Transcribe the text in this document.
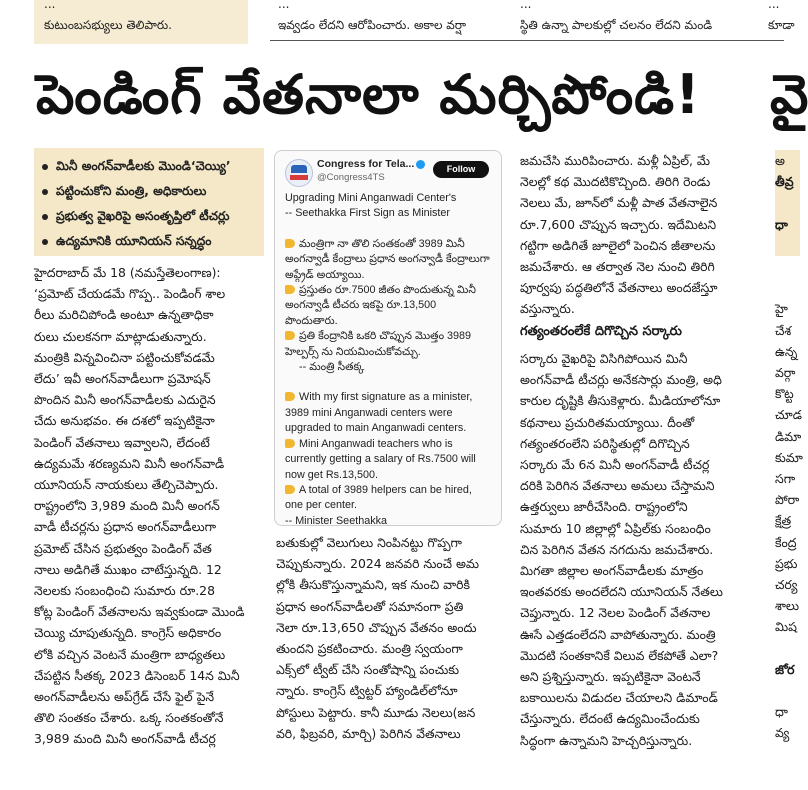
...
కుటుంబసభ్యులు తెలిపారు.
...
ఇవ్వడం లేదని ఆరోపించారు. అకాల వర్షా
...
స్థితి ఉన్నా పాలకుల్లో చలనం లేదని మండి
...
కూడా
పెండింగ్ వేతనాలా మర్చిపోండి!	వై
మినీ అంగన్‌వాడీలకు మొండి‘చెయ్యి’
పట్టించుకోని మంత్రి, అధికారులు
ప్రభుత్వ వైఖరిపై అసంతృప్తిలో టీచర్లు
ఉద్యమానికి యూనియన్ సన్నద్ధం

హైదరాబాద్ మే 18 (నమస్తేతెలంగాణ):

‘ప్రమోట్ చేయడమే గొప్ప.. పెండింగ్ శాల

రీలు మరిచిపోండి అంటూ ఉన్నతాధికా

రులు చులకనగా మాట్లాడుతున్నారు.

మంత్రికి విన్నవించినా పట్టించుకోవడమే

లేదు’ ఇవీ అంగన్‌వాడీలుగా ప్రమోషన్

పొందిన మినీ అంగన్‌వాడీలకు ఎదురైన

చేదు అనుభవం. ఈ దశలో ఇప్పటికైనా

పెండింగ్ వేతనాలు ఇవ్వాలని, లేదంటే

ఉద్యమమే శరణ్యమని మినీ అంగన్‌వాడీ

యూనియన్ నాయకులు తేల్చిచెప్పారు.

రాష్ట్రంలోని 3,989 మంది మినీ అంగన్

వాడీ టీచర్లను ప్రధాన అంగన్‌వాడీలుగా

ప్రమోట్ చేసిన ప్రభుత్వం పెండింగ్ వేత

నాలు అడిగితే ముఖం చాటేస్తున్నది. 12

నెలలకు సంబంధించి సుమారు రూ.28

కోట్ల పెండింగ్ వేతనాలను ఇవ్వకుండా మొండి

చెయ్యి చూపుతున్నది. కాంగ్రెస్ అధికారం

లోకి వచ్చిన వెంటనే మంత్రిగా బాధ్యతలు

చేపట్టిన సీతక్క 2023 డిసెంబర్ 14న మినీ

అంగన్‌వాడీలను అప్‌గ్రేడ్ చేసే ఫైల్ పైనే

తొలి సంతకం చేశారు. ఒక్క సంతకంతోనే

3,989 మంది మినీ అంగన్‌వాడీ టీచర్ల

Congress for Tela...
@Congress4TS
Follow

Upgrading Mini Anganwadi Center's

-- Seethakka First Sign as Minister

మంత్రిగా నా తొలి సంతకంతో 3989 మినీ అంగన్వాడీ కేంద్రాలు ప్రధాన అంగన్వాడీ కేంద్రాలుగా అప్గ్రేడ్ అయ్యాయి.

ప్రస్తుతం రూ.7500 జీతం పొందుతున్న మినీ అంగన్వాడీ టీచరు ఇకపై రూ.13,500 పొందుతారు.

ప్రతి కేంద్రానికి ఒకరి చొప్పున మొత్తం 3989 హెల్పర్స్ ను నియమించుకోవచ్చు.

-- మంత్రి సీతక్క

With my first signature as a minister, 3989 mini Anganwadi centers were upgraded to main Anganwadi centers.

Mini Anganwadi teachers who is currently getting a salary of Rs.7500 will now get Rs.13,500.

A total of 3989 helpers can be hired, one per center.

-- Minister Seethakka

బతుకుల్లో వెలుగులు నింపినట్టు గొప్పగా

చెప్పుకున్నారు. 2024 జనవరి నుంచే అమ

ల్లోకి తీసుకొస్తున్నామని, ఇక నుంచి వారికి

ప్రధాన అంగన్‌వాడీలతో సమానంగా ప్రతి

నెలా రూ.13,650 చొప్పున వేతనం అందు

తుందని ప్రకటించారు. మంత్రి స్వయంగా

ఎక్స్‌లో ట్వీట్ చేసి సంతోషాన్ని పంచుకు

న్నారు. కాంగ్రెస్ ట్విట్టర్ హ్యాండిల్‌లోనూ

పోస్టులు పెట్టారు. కానీ మూడు నెలలు(జన

వరి, ఫిబ్రవరి, మార్చి) పెరిగిన వేతనాలు

జమచేసి మురిపించారు. మళ్లీ ఏప్రిల్, మే

నెలల్లో కథ మొదటికొచ్చింది. తిరిగి రెండు

నెలలు మే, జూన్‌లో మళ్లీ పాత వేతనాలైన

రూ.7,600 చొప్పున ఇచ్చారు. ఇదేమిటని

గట్టిగా అడిగితే జూలైలో పెంచిన జీతాలను

జమచేశారు. ఆ తర్వాత నెల నుంచి తిరిగి

పూర్వపు పద్ధతిలోనే వేతనాలు అందజేస్తూ

వస్తున్నారు.

గత్యంతరంలేకే దిగొచ్చిన సర్కారు

సర్కారు వైఖరిపై విసిగిపోయిన మినీ

అంగన్‌వాడీ టీచర్లు అనేకసార్లు మంత్రి, అధి

కారుల దృష్టికి తీసుకెళ్లారు. మీడియాలోనూ

కథనాలు ప్రచురితమయ్యాయి. దీంతో

గత్యంతరంలేని పరిస్థితుల్లో దిగొచ్చిన

సర్కారు మే 6న మినీ అంగన్‌వాడీ టీచర్ల

దరికి పెరిగిన వేతనాలు అమలు చేస్తామని

ఉత్తర్వులు జారీచేసింది. రాష్ట్రంలోని

సుమారు 10 జిల్లాల్లో ఏప్రిల్‌కు సంబంధిం

చిన పెరిగిన వేతన నగదును జమచేశారు.

మిగతా జిల్లాల అంగన్‌వాడీలకు మాత్రం

ఇంతవరకు అందలేదని యూనియన్ నేతలు

చెప్తున్నారు. 12 నెలల పెండింగ్ వేతనాల

ఊసే ఎత్తడంలేదని వాపోతున్నారు. మంత్రి

మొదటి సంతకానికే విలువ లేకపోతే ఎలా?

అని ప్రశ్నిస్తున్నారు. ఇప్పటికైనా వెంటనే

బకాయిలను విడుదల చేయాలని డిమాండ్

చేస్తున్నారు. లేదంటే ఉద్యమించేందుకు

సిద్ధంగా ఉన్నామని హెచ్చరిస్తున్నారు.

అ
తీవ్ర

ధా

హై
చేశ
ఉన్న
వర్గా
కొట్ట
చూడ
డిమా
కుమా
సగా
పోరా
క్షేత్ర
కేంద్ర
ప్రభు
చర్య
శాలు
మిష

జోర

ధా
వ్య
